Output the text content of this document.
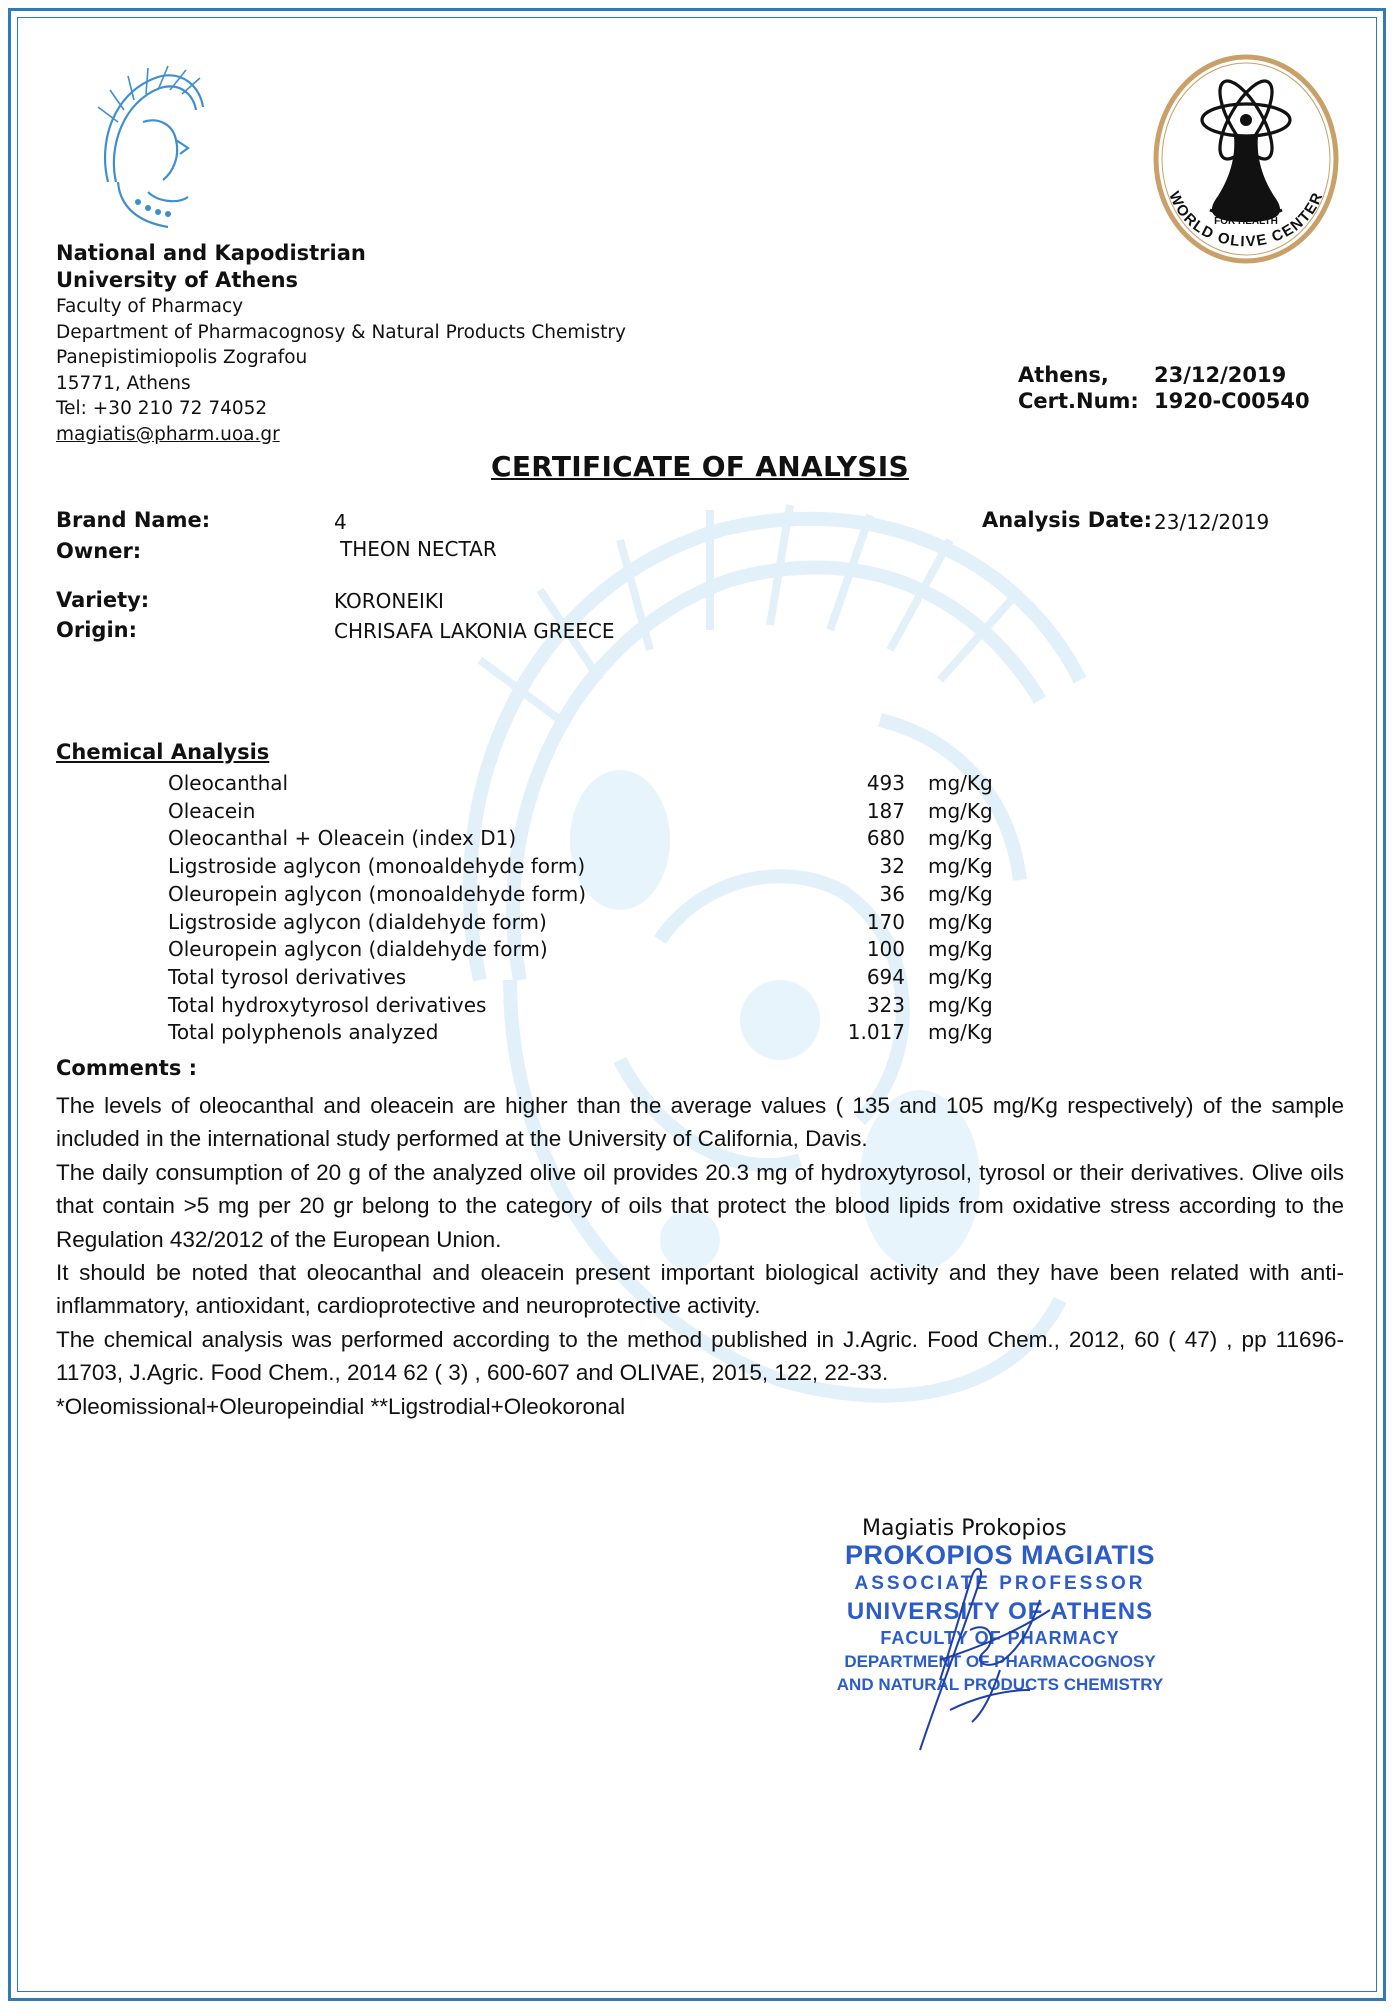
FOR HEALTH
WORLD OLIVE CENTER
National and Kapodistrian
University of Athens
Faculty of Pharmacy
Department of Pharmacognosy & Natural Products Chemistry
Panepistimiopolis Zografou
15771, Athens
Tel: +30 210 72 74052
magiatis@pharm.uoa.gr
Athens, 23/12/2019
Cert.Num: 1920-C00540
CERTIFICATE OF ANALYSIS
Brand Name:	4
Owner:	THEON NECTAR
Analysis Date: 23/12/2019
Variety:	KORONEIKI
Origin:	CHRISAFA LAKONIA GREECE
Chemical Analysis
Oleocanthal	493 mg/Kg
Oleacein	187 mg/Kg
Oleocanthal + Oleacein (index D1)	680 mg/Kg
Ligstroside aglycon (monoaldehyde form)	32 mg/Kg
Oleuropein aglycon (monoaldehyde form)	36 mg/Kg
Ligstroside aglycon (dialdehyde form)	170 mg/Kg
Oleuropein aglycon (dialdehyde form)	100 mg/Kg
Total tyrosol derivatives	694 mg/Kg
Total hydroxytyrosol derivatives	323 mg/Kg
Total polyphenols analyzed	1.017 mg/Kg
Comments :

The levels of oleocanthal and oleacein are higher than the average values ( 135 and 105 mg/Kg respectively) of the sample included in the international study performed at the University of California, Davis.

The daily consumption of 20 g of the analyzed olive oil provides 20.3 mg of hydroxytyrosol, tyrosol or their derivatives. Olive oils that contain >5 mg per 20 gr belong to the category of oils that protect the blood lipids from oxidative stress according to the Regulation 432/2012 of the European Union.

It should be noted that oleocanthal and oleacein present important biological activity and they have been related with anti-inflammatory, antioxidant, cardioprotective and neuroprotective activity.

The chemical analysis was performed according to the method published in J.Agric. Food Chem., 2012, 60 ( 47) , pp 11696-11703, J.Agric. Food Chem., 2014 62 ( 3) , 600-607 and OLIVAE, 2015, 122, 22-33.

*Oleomissional+Oleuropeindial **Ligstrodial+Oleokoronal

Magiatis Prokopios
PROKOPIOS MAGIATIS
ASSOCIATE PROFESSOR
UNIVERSITY OF ATHENS
FACULTY OF PHARMACY
DEPARTMENT OF PHARMACOGNOSY
AND NATURAL PRODUCTS CHEMISTRY
